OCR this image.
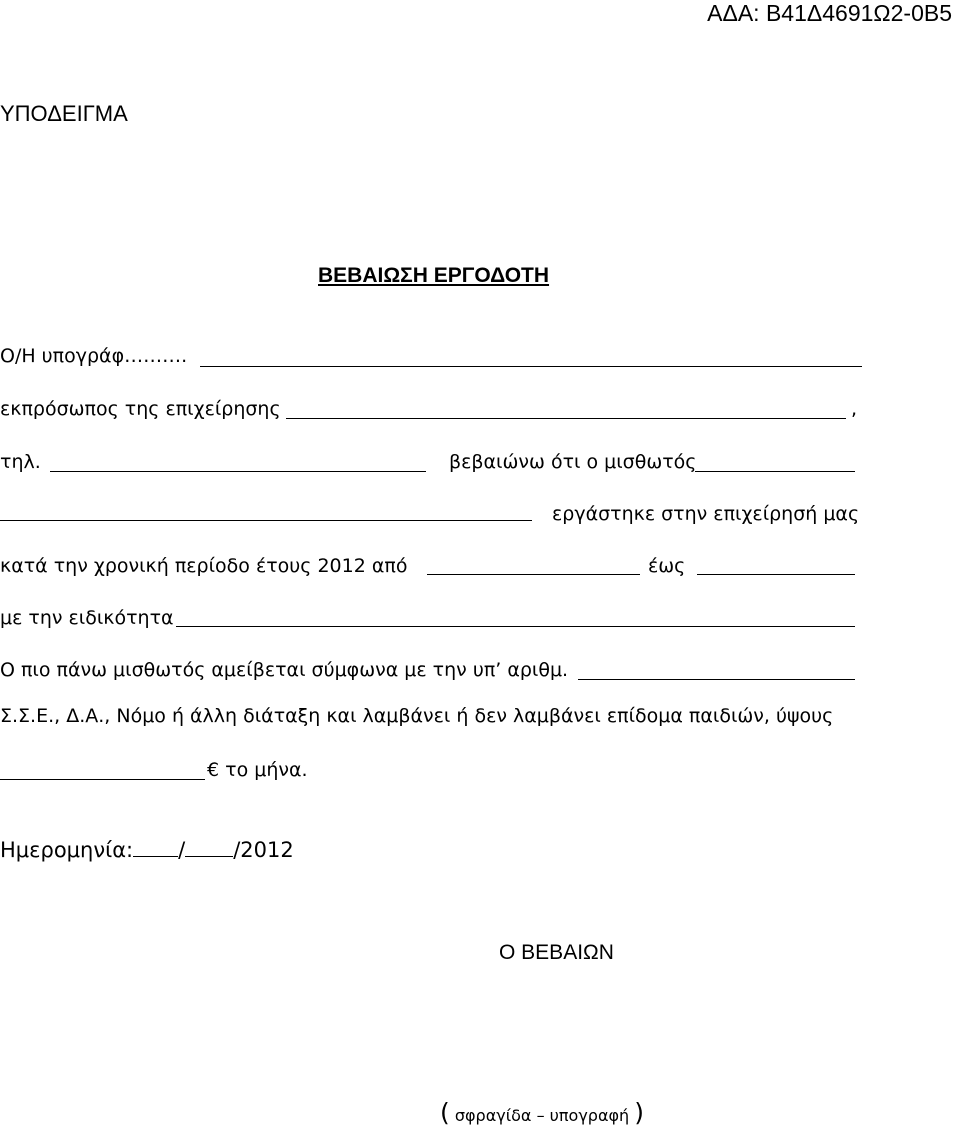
ΑΔΑ: Β41Δ4691Ω2-0Β5
ΥΠΟΔΕΙΓΜΑ
ΒΕΒΑΙΩΣΗ ΕΡΓΟΔΟΤΗ
Ο/Η υπογράφ……….
εκπρόσωπος της επιχείρησης	,
τηλ.	βεβαιώνω ότι ο μισθωτός
εργάστηκε στην επιχείρησή μας
κατά την χρονική περίοδο έτους 2012 από	έως
με την ειδικότητα
Ο πιο πάνω μισθωτός αμείβεται σύμφωνα με την υπ’ αριθμ.
Σ.Σ.Ε., Δ.Α., Νόμο ή άλλη διάταξη και λαμβάνει ή δεν λαμβάνει επίδομα παιδιών, ύψους
€ το μήνα.
Ημερομηνία: / /2012
Ο ΒΕΒΑΙΩΝ
( σφραγίδα – υπογραφή )
